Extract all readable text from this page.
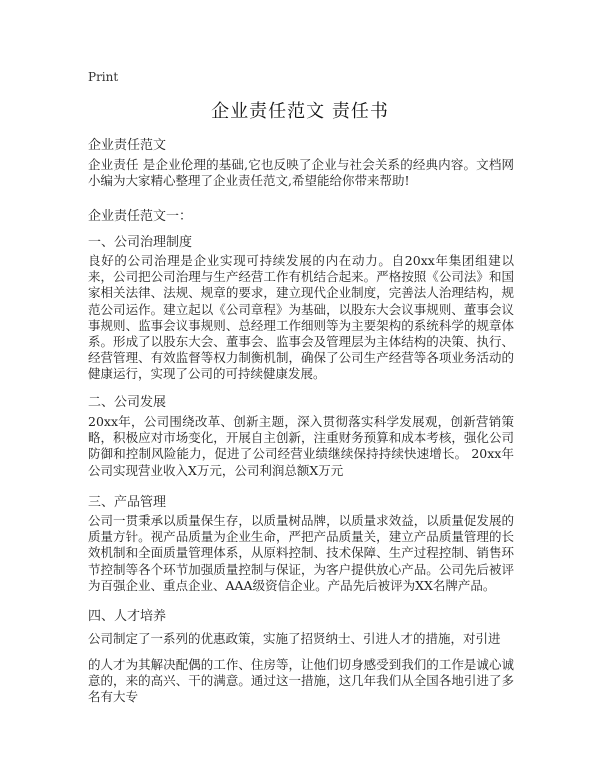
Print
企业责任范文 责任书
企业责任范文
企业责任 是企业伦理的基础,它也反映了企业与社会关系的经典内容。文档网小编为大家精心整理了企业责任范文,希望能给你带来帮助!
企业责任范文一：
一、公司治理制度
良好的公司治理是企业实现可持续发展的内在动力。自20xx年集团组建以来，公司把公司治理与生产经营工作有机结合起来。严格按照《公司法》和国家相关法律、法规、规章的要求，建立现代企业制度，完善法人治理结构，规范公司运作。建立起以《公司章程》为基础，以股东大会议事规则、董事会议事规则、监事会议事规则、总经理工作细则等为主要架构的系统科学的规章体系。形成了以股东大会、董事会、监事会及管理层为主体结构的决策、执行、经营管理、有效监督等权力制衡机制，确保了公司生产经营等各项业务活动的健康运行，实现了公司的可持续健康发展。
二、公司发展
20xx年，公司围绕改革、创新主题，深入贯彻落实科学发展观，创新营销策略，积极应对市场变化，开展自主创新，注重财务预算和成本考核，强化公司防御和控制风险能力，促进了公司经营业绩继续保持持续快速增长。 20xx年公司实现营业收入X万元，公司利润总额X万元
三、产品管理
公司一贯秉承以质量保生存，以质量树品牌，以质量求效益，以质量促发展的质量方针。视产品质量为企业生命，严把产品质量关，建立产品质量管理的长效机制和全面质量管理体系，从原料控制、技术保障、生产过程控制、销售环节控制等各个环节加强质量控制与保证，为客户提供放心产品。公司先后被评为百强企业、重点企业、AAA级资信企业。产品先后被评为XX名牌产品。
四、人才培养
公司制定了一系列的优惠政策，实施了招贤纳士、引进人才的措施，对引进
的人才为其解决配偶的工作、住房等，让他们切身感受到我们的工作是诚心诚意的，来的高兴、干的满意。通过这一措施，这几年我们从全国各地引进了多名有大专
